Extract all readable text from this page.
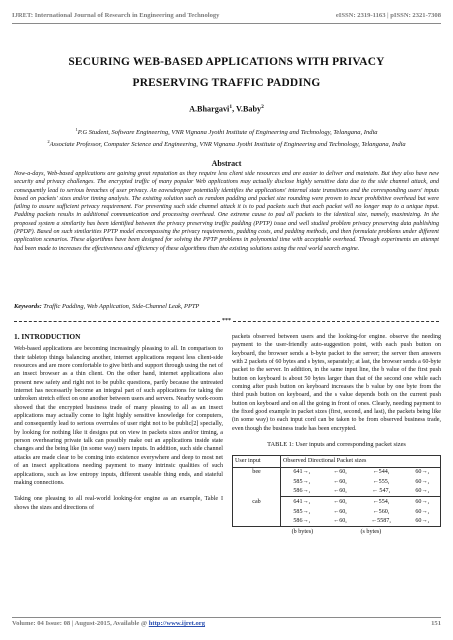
IJRET: International Journal of Research in Engineering and Technology	eISSN: 2319-1163 | pISSN: 2321-7308
SECURING WEB-BASED APPLICATIONS WITH PRIVACY
PRESERVING TRAFFIC PADDING
A.Bhargavi$^1$, V.Baby$^2$
$^1$P.G Student, Software Engineering, VNR Vignana Jyothi Institute of Engineering and Technology, Telangana, India
$^2$Associate Professor, Computer Science and Engineering, VNR Vignana Jyothi Institute of Engineering and Technology, Telangana, India
Abstract
Now-a-days, Web-based applications are gaining great reputation as they require less client side resources and are easier to deliver and maintain. But they also have new security and privacy challenges. The encrypted traffic of many popular Web applications may actually disclose highly sensitive data due to the side channel attack, and consequently lead to serious breaches of user privacy. An eavesdropper potentially identifies the applications' internal state transitions and the corresponding users' inputs based on packets' sizes and/or timing analysis. The existing solution such as random padding and packet size rounding were proven to incur prohibitive overhead but were failing to assure sufficient privacy requirement. For preventing such side channel attack it is to pad packets such that each packet will no longer map to a unique input. Padding packets results in additional communication and processing overhead. One extreme cause to pad all packets to the identical size, namely, maximizing. In the proposed system a similarity has been identified between the privacy preserving traffic padding (PPTP) issue and well studied problem privacy preserving data publishing (PPDP). Based on such similarities PPTP model encompassing the privacy requirements, padding costs, and padding methods, and then formulate problems under different application scenarios. These algorithms have been designed for solving the PPTP problems in polynomial time with acceptable overhead. Through experiments an attempt had been made to increases the effectiveness and efficiency of these algorithms than the existing solutions using the real world search engine.
Keywords: Traffic Padding, Web Application, Side-Channel Leak, PPTP
***
1. INTRODUCTION
Web-based applications are becoming increasingly pleasing to all. In comparison to their tabletop things balancing another, internet applications request less client-side resources and are more comfortable to give birth and support through using the net of an insect browser as a thin client. On the other hand, internet applications also present new safety and right not to be public questions, partly because the untreated internet has necessarily become an integral part of such applications for taking the unbroken stretch effect on one another between users and servers. Nearby work-room showed that the encrypted business trade of many pleasing to all as an insect applications may actually come to light highly sensitive knowledge for computers, and consequently lead to serious overrules of user right not to be public[2] specially, by looking for nothing like it designs put on view in packets sizes and/or timing, a person overhearing private talk can possibly make out an applications inside state changes and the being like (in some way) users inputs. In addition, such side channel attacks are made clear to be coming into existence everywhere and deep to most net of an insect applications needing payment to many intrinsic qualities of such applications, such as low entropy inputs, different useable thing ends, and stateful making connections.
Taking one pleasing to all real-world looking-for engine as an example, Table I shows the sizes and directions of
packets observed between users and the looking-for engine. observe the needing payment to the user-friendly auto-suggestion point, with each push button on keyboard, the browser sends a b-byte packet to the server; the server then answers with 2 packets of 60 bytes and s bytes, separately; at last, the browser sends a 60-byte packet to the server. In addition, in the same input line, the b value of the first push button on keyboard is about 50 bytes larger than that of the second one while each coming after push button on keyboard increases the b value by one byte from the third push button on keyboard, and the s value depends both on the current push button on keyboard and on all the going in front of ones. Clearly, needing payment to the fixed good example in packet sizes (first, second, and last), the packets being like (in some way) to each input cord can be taken to be from observed business trade, even though the business trade has been encrypted.
TABLE 1: User inputs and corresponding packet sizes
User input	Observed Directional Packet sizes			
bee	641→,	←60,	←544,	60→,
	585→,	←60,	←555,	60→,
	586→,	←60,	← 547,	60→,
cab	641→,	←60,	←554,	60→,
	585→,	←60,	←560,	60→,
	586→,	←60,	←5587,	60→,
(b bytes)	(s bytes)
Volume: 04 Issue: 08 | August-2015, Available @ http://www.ijret.org	151
